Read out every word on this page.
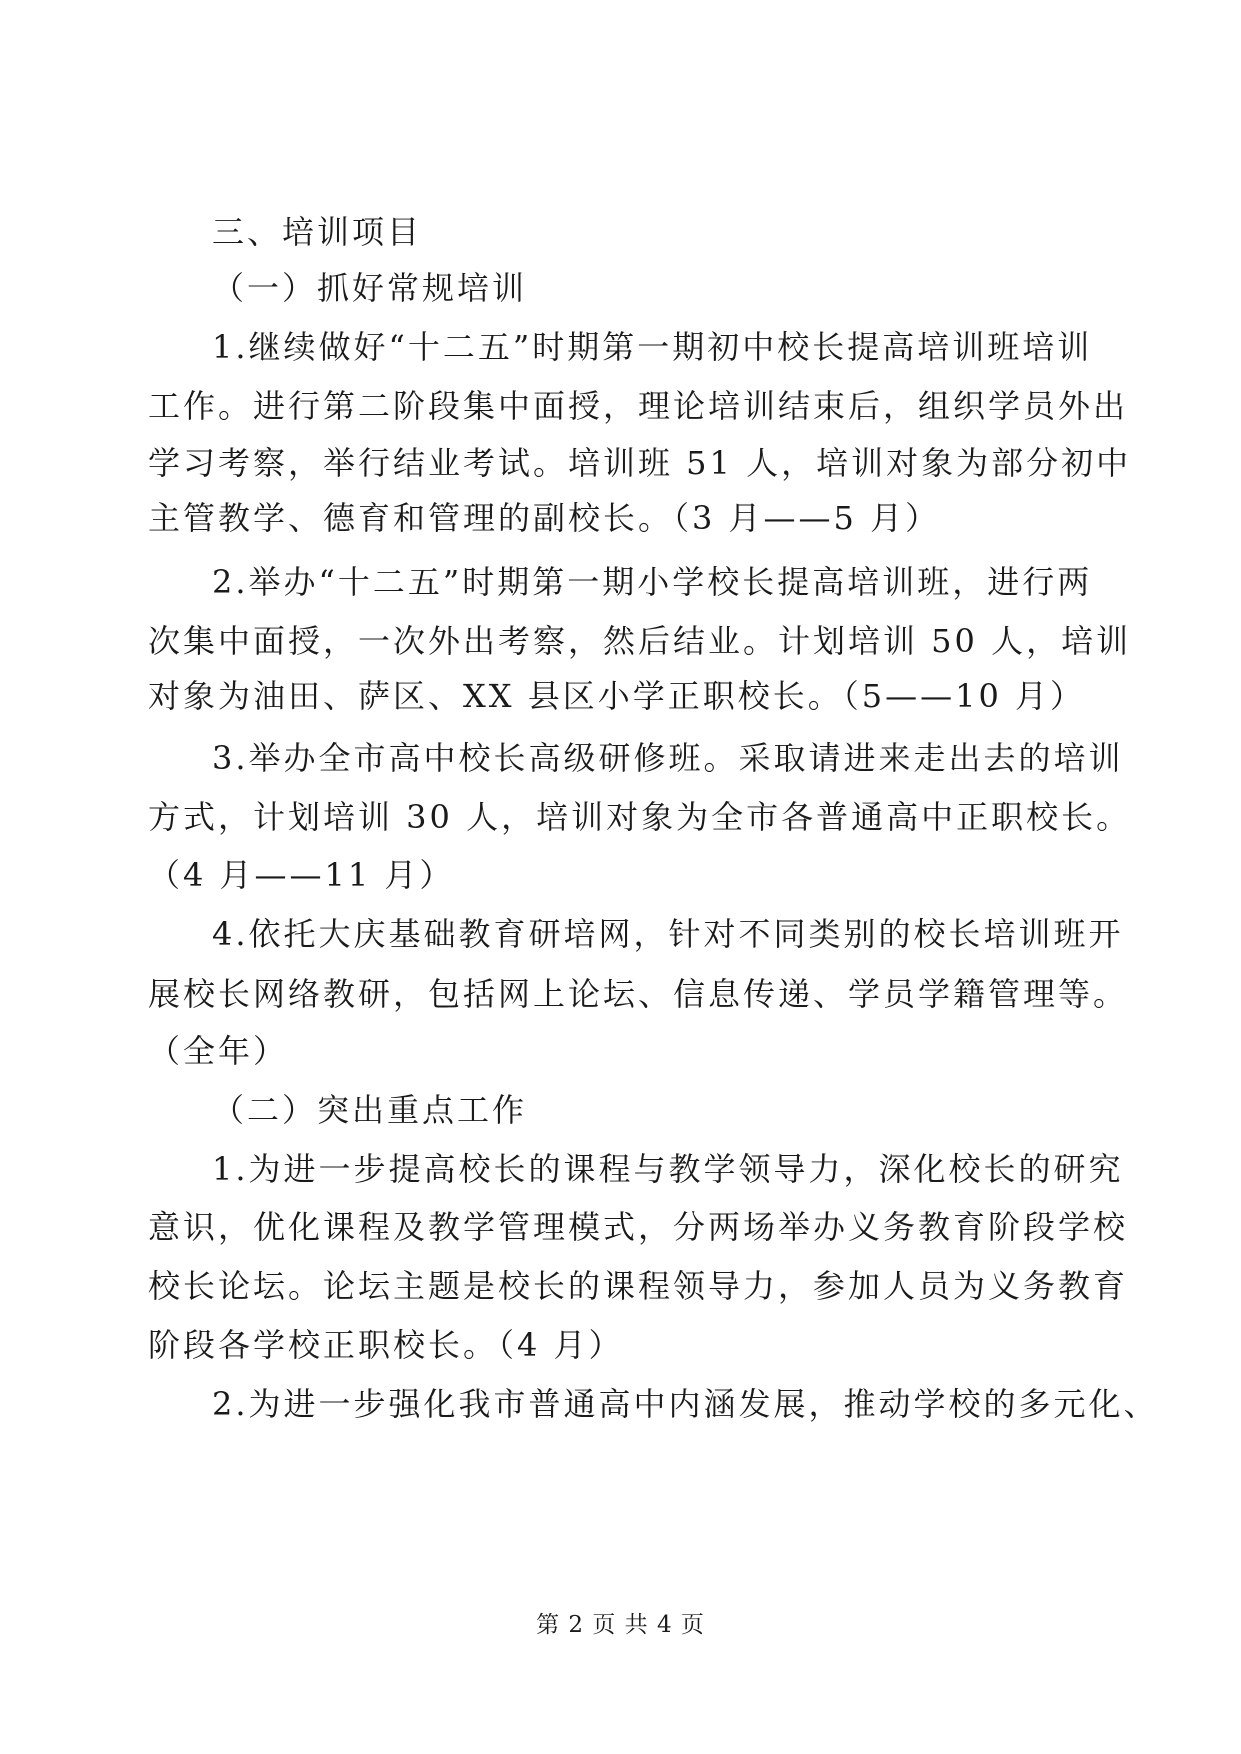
三、培训项目
（一）抓好常规培训
1.继续做好“十二五”时期第一期初中校长提高培训班培训
工作。进行第二阶段集中面授，理论培训结束后，组织学员外出
学习考察，举行结业考试。培训班 51 人，培训对象为部分初中
主管教学、德育和管理的副校长。（3 月——5 月）
2.举办“十二五”时期第一期小学校长提高培训班，进行两
次集中面授，一次外出考察，然后结业。计划培训 50 人，培训
对象为油田、萨区、XX 县区小学正职校长。（5——10 月）
3.举办全市高中校长高级研修班。采取请进来走出去的培训
方式，计划培训 30 人，培训对象为全市各普通高中正职校长。
（4 月——11 月）
4.依托大庆基础教育研培网，针对不同类别的校长培训班开
展校长网络教研，包括网上论坛、信息传递、学员学籍管理等。
（全年）
（二）突出重点工作
1.为进一步提高校长的课程与教学领导力，深化校长的研究
意识，优化课程及教学管理模式，分两场举办义务教育阶段学校
校长论坛。论坛主题是校长的课程领导力，参加人员为义务教育
阶段各学校正职校长。（4 月）
2.为进一步强化我市普通高中内涵发展，推动学校的多元化、
第 2 页 共 4 页
